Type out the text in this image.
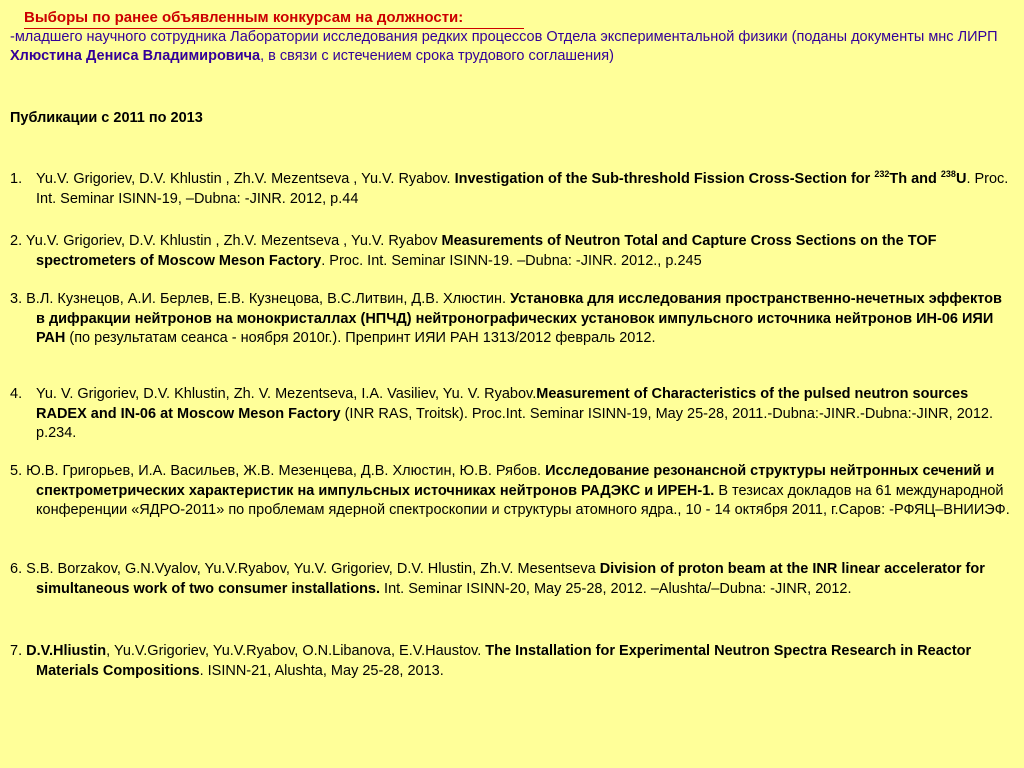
Выборы по ранее объявленным конкурсам на должности:
-младшего научного сотрудника Лаборатории исследования редких процессов Отдела экспериментальной физики (поданы документы мнс ЛИРП Хлюстина Дениса Владимировича, в связи с истечением срока трудового соглашения)
Публикации с 2011 по 2013
1. Yu.V. Grigoriev, D.V. Khlustin , Zh.V. Mezentseva , Yu.V. Ryabov. Investigation of the Sub-threshold Fission Cross-Section for $^{232}$Th and $^{238}$U. Proc. Int. Seminar ISINN-19, –Dubna: -JINR. 2012, p.44
2. Yu.V. Grigoriev, D.V. Khlustin , Zh.V. Mezentseva , Yu.V. Ryabov Measurements of Neutron Total and Capture Cross Sections on the TOF spectrometers of Moscow Meson Factory. Proc. Int. Seminar ISINN-19. –Dubna: -JINR. 2012., p.245
3. В.Л. Кузнецов, А.И. Берлев, Е.В. Кузнецова, В.С.Литвин, Д.В. Хлюстин. Установка для исследования пространственно-нечетных эффектов в дифракции нейтронов на монокристаллах (НПЧД) нейтронографических установок импульсного источника нейтронов ИН-06 ИЯИ РАН (по результатам сеанса - ноября 2010г.). Препринт ИЯИ РАН 1313/2012 февраль 2012.
4. Yu. V. Grigoriev, D.V. Khlustin, Zh. V. Mezentseva, I.A. Vasiliev, Yu. V. Ryabov.Measurement of Characteristics of the pulsed neutron sources RADEX and IN-06 at Moscow Meson Factory (INR RAS, Troitsk). Proc.Int. Seminar ISINN-19, May 25-28, 2011.-Dubna:-JINR.-Dubna:-JINR, 2012. p.234.
5. Ю.В. Григорьев, И.А. Васильев, Ж.В. Мезенцева, Д.В. Хлюстин, Ю.В. Рябов. Исследование резонансной структуры нейтронных сечений и спектрометрических характеристик на импульсных источниках нейтронов РАДЭКС и ИРЕН-1. В тезисах докладов на 61 международной конференции «ЯДРО-2011» по проблемам ядерной спектроскопии и структуры атомного ядра., 10 - 14 октября 2011, г.Саров: -РФЯЦ–ВНИИЭФ.
6. S.B. Borzakov, G.N.Vyalov, Yu.V.Ryabov, Yu.V. Grigoriev, D.V. Hlustin, Zh.V. Mesentseva Division of proton beam at the INR linear accelerator for simultaneous work of two consumer installations. Int. Seminar ISINN-20, May 25-28, 2012. –Alushta/–Dubna: -JINR, 2012.
7. D.V.Hliustin, Yu.V.Grigoriev, Yu.V.Ryabov, O.N.Libanova, E.V.Haustov. The Installation for Experimental Neutron Spectra Research in Reactor Materials Compositions. ISINN-21, Alushta, May 25-28, 2013.
